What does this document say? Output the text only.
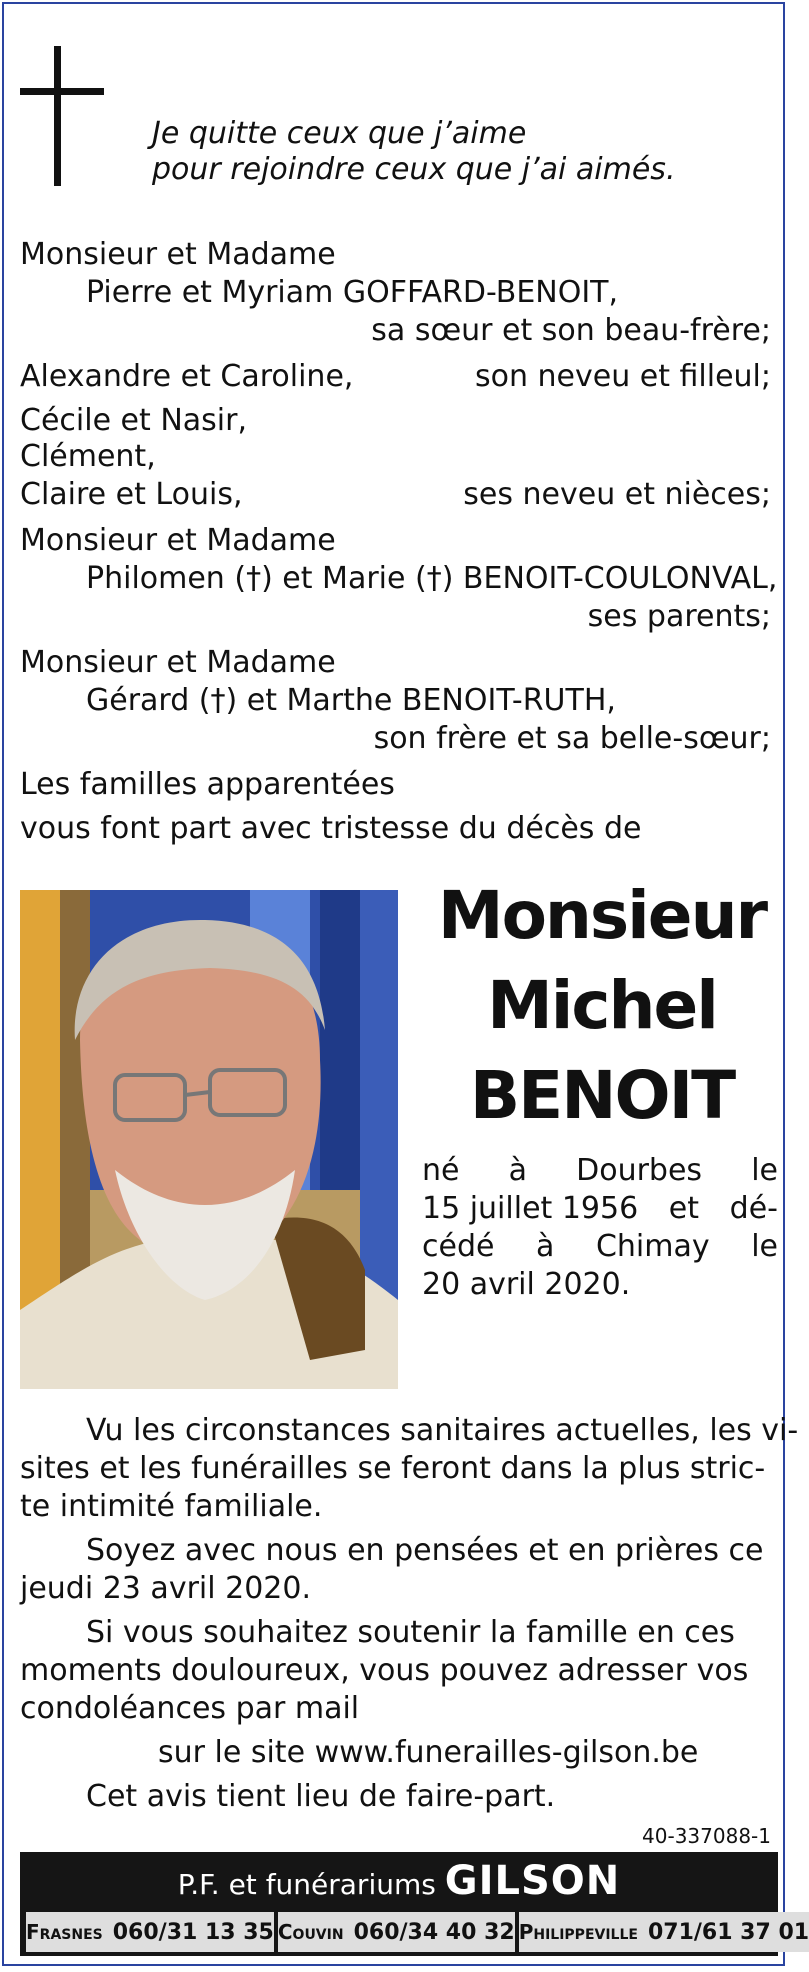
Je quitte ceux que j’aime
pour rejoindre ceux que j’ai aimés.
Monsieur et Madame
Pierre et Myriam GOFFARD-BENOIT,
sa sœur et son beau-frère;
Alexandre et Caroline,	son neveu et filleul;
Cécile et Nasir,
Clément,
Claire et Louis,	ses neveu et nièces;
Monsieur et Madame
Philomen (†) et Marie (†) BENOIT-COULONVAL,
ses parents;
Monsieur et Madame
Gérard (†) et Marthe BENOIT-RUTH,
son frère et sa belle-sœur;
Les familles apparentées
vous font part avec tristesse du décès de
Monsieur
Michel
BENOIT
né à Dourbes le
15 juillet 1956 et dé-
cédé à Chimay le
20 avril 2020.
Vu les circonstances sanitaires actuelles, les vi-
sites et les funérailles se feront dans la plus stric-
te intimité familiale.
Soyez avec nous en pensées et en prières ce
jeudi 23 avril 2020.
Si vous souhaitez soutenir la famille en ces
moments douloureux, vous pouvez adresser vos
condoléances par mail
sur le site www.funerailles-gilson.be
Cet avis tient lieu de faire-part.
40-337088-1
P.F. et funérariums GILSON
Frasnes 060/31 13 35 Couvin 060/34 40 32 Philippeville 071/61 37 01
